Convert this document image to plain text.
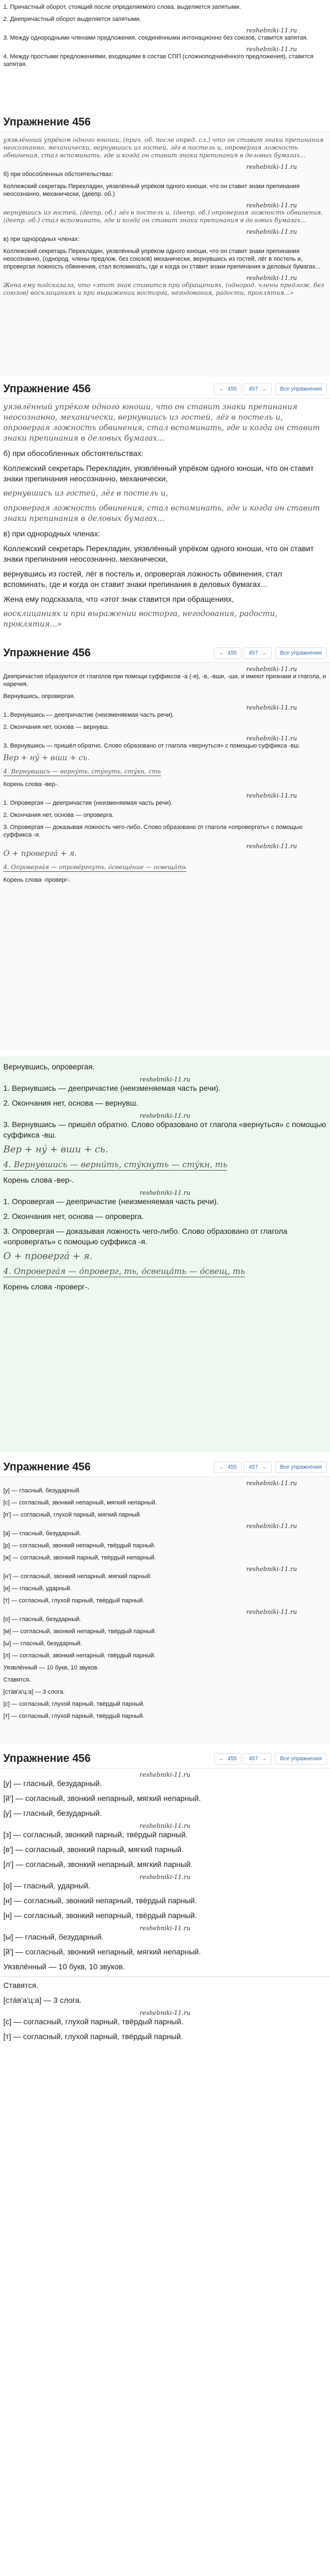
1. Причастный оборот, стоящий после определяемого слова, выделяется запятыми.

2. Деепричастный оборот выделяется запятыми.

reshebniki-11.ru

3. Между однородными членами предложения, соединёнными интонационно без союзов, ставится запятая.

reshebniki-11.ru

4. Между простыми предложениями, входящими в состав СПП (сложноподчинённого предложения), ставится запятая.

Упражнение 456

уязвлённый упрёком одного юноши, (прич. об. после опред. сл.) что он ставит знаки препинания неосознанно, механически, вернувшись из гостей, лёг в постель и, опровергая ложность обвинения, стал вспоминать, где и когда он ставит знаки препинания в деловых бумагах...

reshebniki-11.ru

б) при обособленных обстоятельствах:

Коллежский секретарь Перекладин, уязвлённый упрёком одного юноши, что он ставит знаки препинания неосознанно, механически, (деепр. об.)

reshebniki-11.ru

вернувшись из гостей, (деепр. об.) лёг в постель и, (деепр. об.) опровергая ложность обвинения, (деепр. об.) стал вспоминать, где и когда он ставит знаки препинания в деловых бумагах...

reshebniki-11.ru

в) при однородных членах:

Коллежский секретарь Перекладин, уязвлённый упрёком одного юноши, что он ставит знаки препинания неосознанно, (однород. члены предлож. без союзов) механически, вернувшись из гостей, лёг в постель и, опровергая ложность обвинения, стал вспоминать, где и когда он ставит знаки препинания в деловых бумагах...

reshebniki-11.ru

Жена ему подсказала, что «этот знак ставится при обращениях, (однород. члены предлож. без союзов) восклицаниях и при выражении восторга, негодования, радости, проклятия...»

Упражнение 456	← 455	457 →	Все упражнения

уязвлённый упрёком одного юноши, что он ставит знаки препинания неосознанно, механически, вернувшись из гостей, лёг в постель и, опровергая ложность обвинения, стал вспоминать, где и когда он ставит знаки препинания в деловых бумагах...

б) при обособленных обстоятельствах:

Коллежский секретарь Перекладин, уязвлённый упрёком одного юноши, что он ставит знаки препинания неосознанно, механически,

вернувшись из гостей, лёг в постель и,

опровергая ложность обвинения, стал вспоминать, где и когда он ставит знаки препинания в деловых бумагах...

в) при однородных членах:

Коллежский секретарь Перекладин, уязвлённый упрёком одного юноши, что он ставит знаки препинания неосознанно, механически,

вернувшись из гостей, лёг в постель и, опровергая ложность обвинения, стал вспоминать, где и когда он ставит знаки препинания в деловых бумагах...

Жена ему подсказала, что «этот знак ставится при обращениях,

восклицаниях и при выражении восторга, негодования, радости, проклятия...»

Упражнение 456	← 455	457 →	Все упражнения
reshebniki-11.ru

Деепричастия образуются от глаголов при помощи суффиксов -а (-я), -в, -вши, -ши, и имеют признаки и глагола, и наречия.

Вернувшись, опровергая.

reshebniki-11.ru

1. Вернувшись — деепричастие (неизменяемая часть речи).

2. Окончания нет, основа — вернувш.

reshebniki-11.ru

3. Вернувшись — пришёл обратно. Слово образовано от глагола «вернуться» с помощью суффикса -вш.

Вер + нý + вши + сь.

4. Вернувшись — вернýть, сту́нуть, сту́кн, сть

Корень слова -вер-.

reshebniki-11.ru

1. Опровергая — деепричастие (неизменяемая часть речи).

2. Окончания нет, основа — опроверга.

3. Опровергая — доказывая ложность чего-либо. Слово образовано от глагола «опровергать» с помощью суффикса -я.

reshebniki-11.ru

О + провергá + я.

4. Опроверга́я — опрове́ргнуть, о́свещéние — освещáть

Корень слова -проверг-.

Вернувшись, опровергая.

reshebniki-11.ru

1. Вернувшись — деепричастие (неизменяемая часть речи).

2. Окончания нет, основа — вернувш.

reshebniki-11.ru

3. Вернувшись — пришёл обратно. Слово образовано от глагола «вернуться» с помощью суффикса -вш.

Вер + нý + вши + сь.

4. Вернувшись — верни́ть, сту́кнуть — сту́кн, ть

Корень слова -вер-.

reshebniki-11.ru

1. Опровергая — деепричастие (неизменяемая часть речи).

2. Окончания нет, основа — опроверга.

3. Опровергая — доказывая ложность чего-либо. Слово образовано от глагола «опровергать» с помощью суффикса -я.

О + провергá + я.

4. Опроверга́я — о́проверг, ть, о́свеща́ть — о́свещ, ть

Корень слова -проверг-.

Упражнение 456	← 455	457 →	Все упражнения
reshebniki-11.ru

[у] — гласный, безударный.

[с] — согласный, звонкий непарный, мягкий непарный.

[п'] — согласный, глухой парный, мягкий парный.

reshebniki-11.ru

[а] — гласный, безударный.

[р] — согласный, звонкий непарный, твёрдый парный.

[ж] — согласный, звонкий парный, твёрдый непарный.

reshebniki-11.ru

[н'] — согласный, звонкий непарный, мягкий парный.

[и] — гласный, ударный.

[т] — согласный, глухой парный, твёрдый парный.

reshebniki-11.ru

[о] — гласный, безударный.

[м] — согласный, звонкий непарный, твёрдый парный.

[ы] — гласный, безударный.

[л] — согласный, звонкий непарный, твёрдый парный.

Уязвлённый — 10 букв, 10 звуков.

Ставятся.

[стáв'а'ц:а] — 3 слога.

[с] — согласный, глухой парный, твёрдый парный.

[т] — согласный, глухой парный, твёрдый парный.

Упражнение 456	← 455	457 →	Все упражнения
reshebniki-11.ru

[у] — гласный, безударный.

[й'] — согласный, звонкий непарный, мягкий непарный.

[у] — гласный, безударный.

reshebniki-11.ru

[з] — согласный, звонкий парный, твёрдый парный.

[в'] — согласный, звонкий парный, мягкий парный.

[л'] — согласный, звонкий непарный, мягкий парный.

reshebniki-11.ru

[о] — гласный, ударный.

[н] — согласный, звонкий непарный, твёрдый парный.

[н] — согласный, звонкий непарный, твёрдый парный.

reshebniki-11.ru

[ы] — гласный, безударный.

[й'] — согласный, звонкий непарный, мягкий непарный.

Уязвлённый — 10 букв, 10 звуков.

Ставятся.

[стáв'а'ц:а] — 3 слога.

reshebniki-11.ru

[с] — согласный, глухой парный, твёрдый парный.

[т] — согласный, глухой парный, твёрдый парный.
